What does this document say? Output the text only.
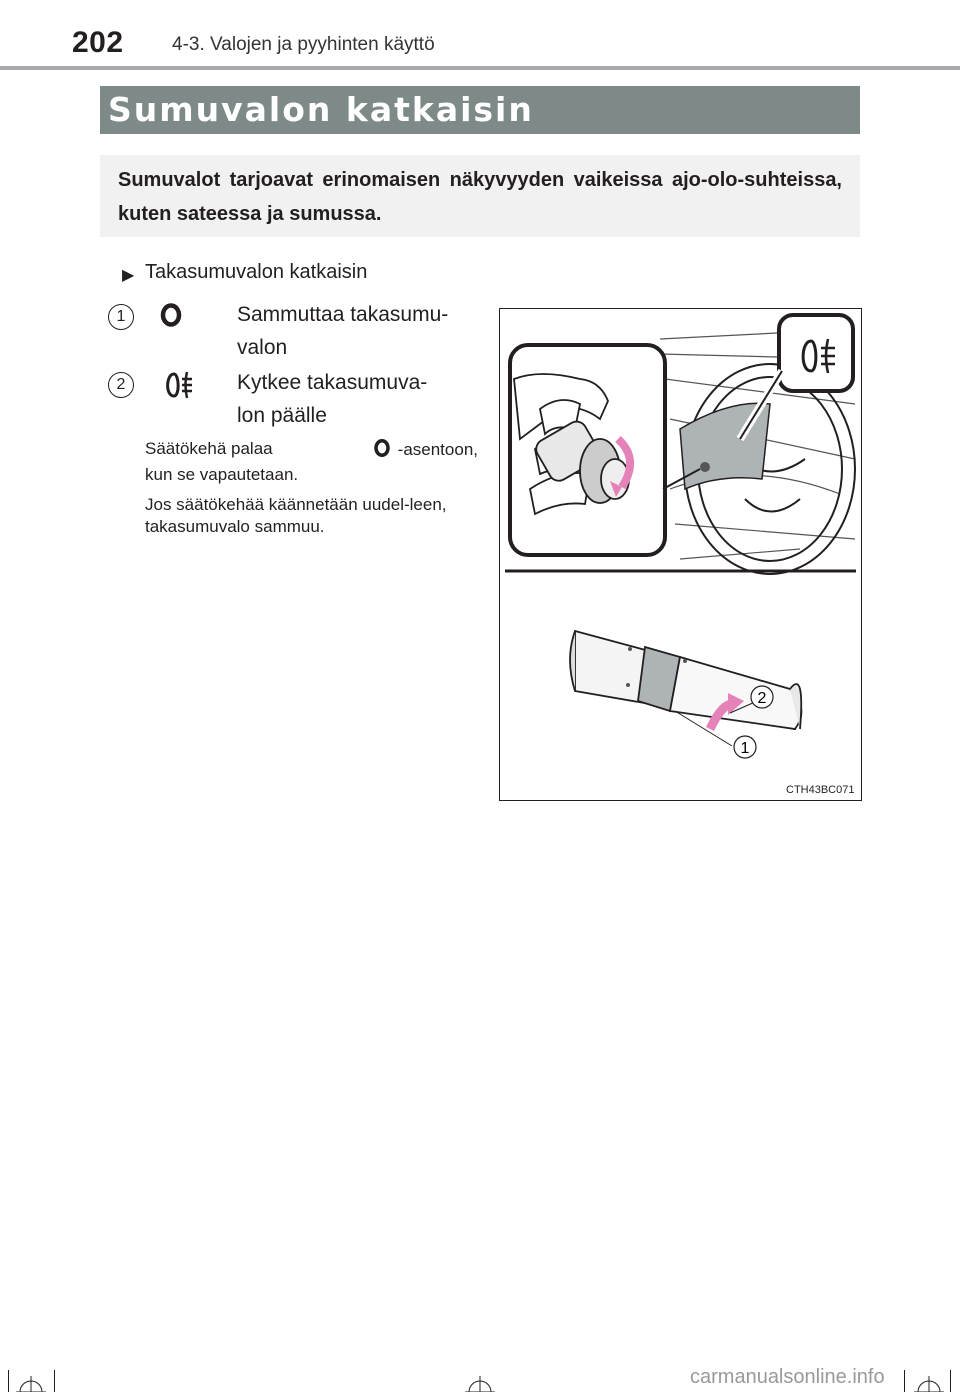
202	4-3. Valojen ja pyyhinten käyttö
Sumuvalon katkaisin
Sumuvalot tarjoavat erinomaisen näkyvyyden vaikeissa ajo-olo-suhteissa, kuten sateessa ja sumussa.
▶ Takasumuvalon katkaisin
1	Sammuttaa takasumu-
valon
2	Kytkee takasumuva-
lon päälle
Säätökehä palaa	-asentoon,
kun se vapautetaan.
Jos säätökehää käännetään uudel-leen, takasumuvalo sammuu.
2
1
CTH43BC071
carmanualsonline.info
